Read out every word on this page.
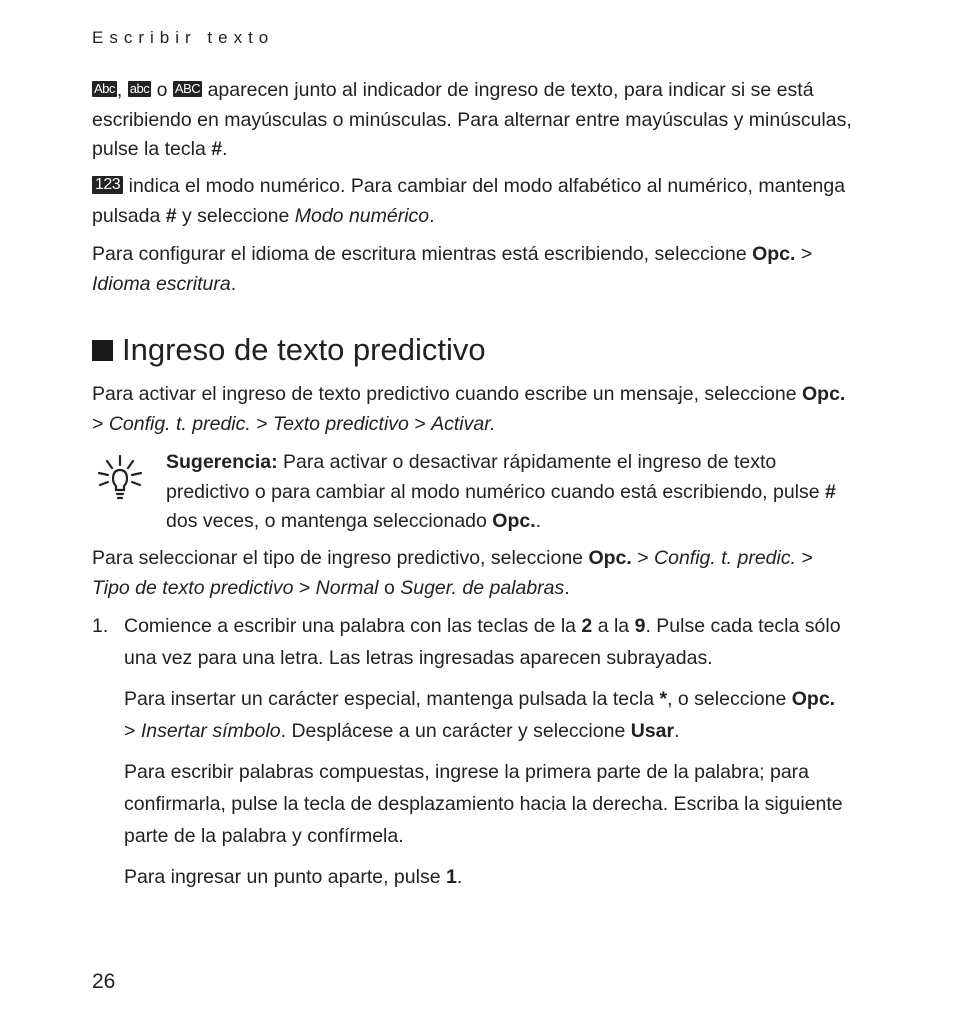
Escribir texto

Abc , abc o ABC aparecen junto al indicador de ingreso de texto, para indicar si se está escribiendo en mayúsculas o minúsculas. Para alternar entre mayúsculas y minúsculas, pulse la tecla #.

123 indica el modo numérico. Para cambiar del modo alfabético al numérico, mantenga pulsada # y seleccione Modo numérico.

Para configurar el idioma de escritura mientras está escribiendo, seleccione Opc. > Idioma escritura.

Ingreso de texto predictivo

Para activar el ingreso de texto predictivo cuando escribe un mensaje, seleccione Opc. > Config. t. predic. > Texto predictivo > Activar.

Sugerencia: Para activar o desactivar rápidamente el ingreso de texto predictivo o para cambiar al modo numérico cuando está escribiendo, pulse # dos veces, o mantenga seleccionado Opc..

Para seleccionar el tipo de ingreso predictivo, seleccione Opc. > Config. t. predic. > Tipo de texto predictivo > Normal o Suger. de palabras.

1. Comience a escribir una palabra con las teclas de la 2 a la 9. Pulse cada tecla sólo una vez para una letra. Las letras ingresadas aparecen subrayadas.

Para insertar un carácter especial, mantenga pulsada la tecla *, o seleccione Opc. > Insertar símbolo. Desplácese a un carácter y seleccione Usar.

Para escribir palabras compuestas, ingrese la primera parte de la palabra; para confirmarla, pulse la tecla de desplazamiento hacia la derecha. Escriba la siguiente parte de la palabra y confírmela.

Para ingresar un punto aparte, pulse 1.

26
